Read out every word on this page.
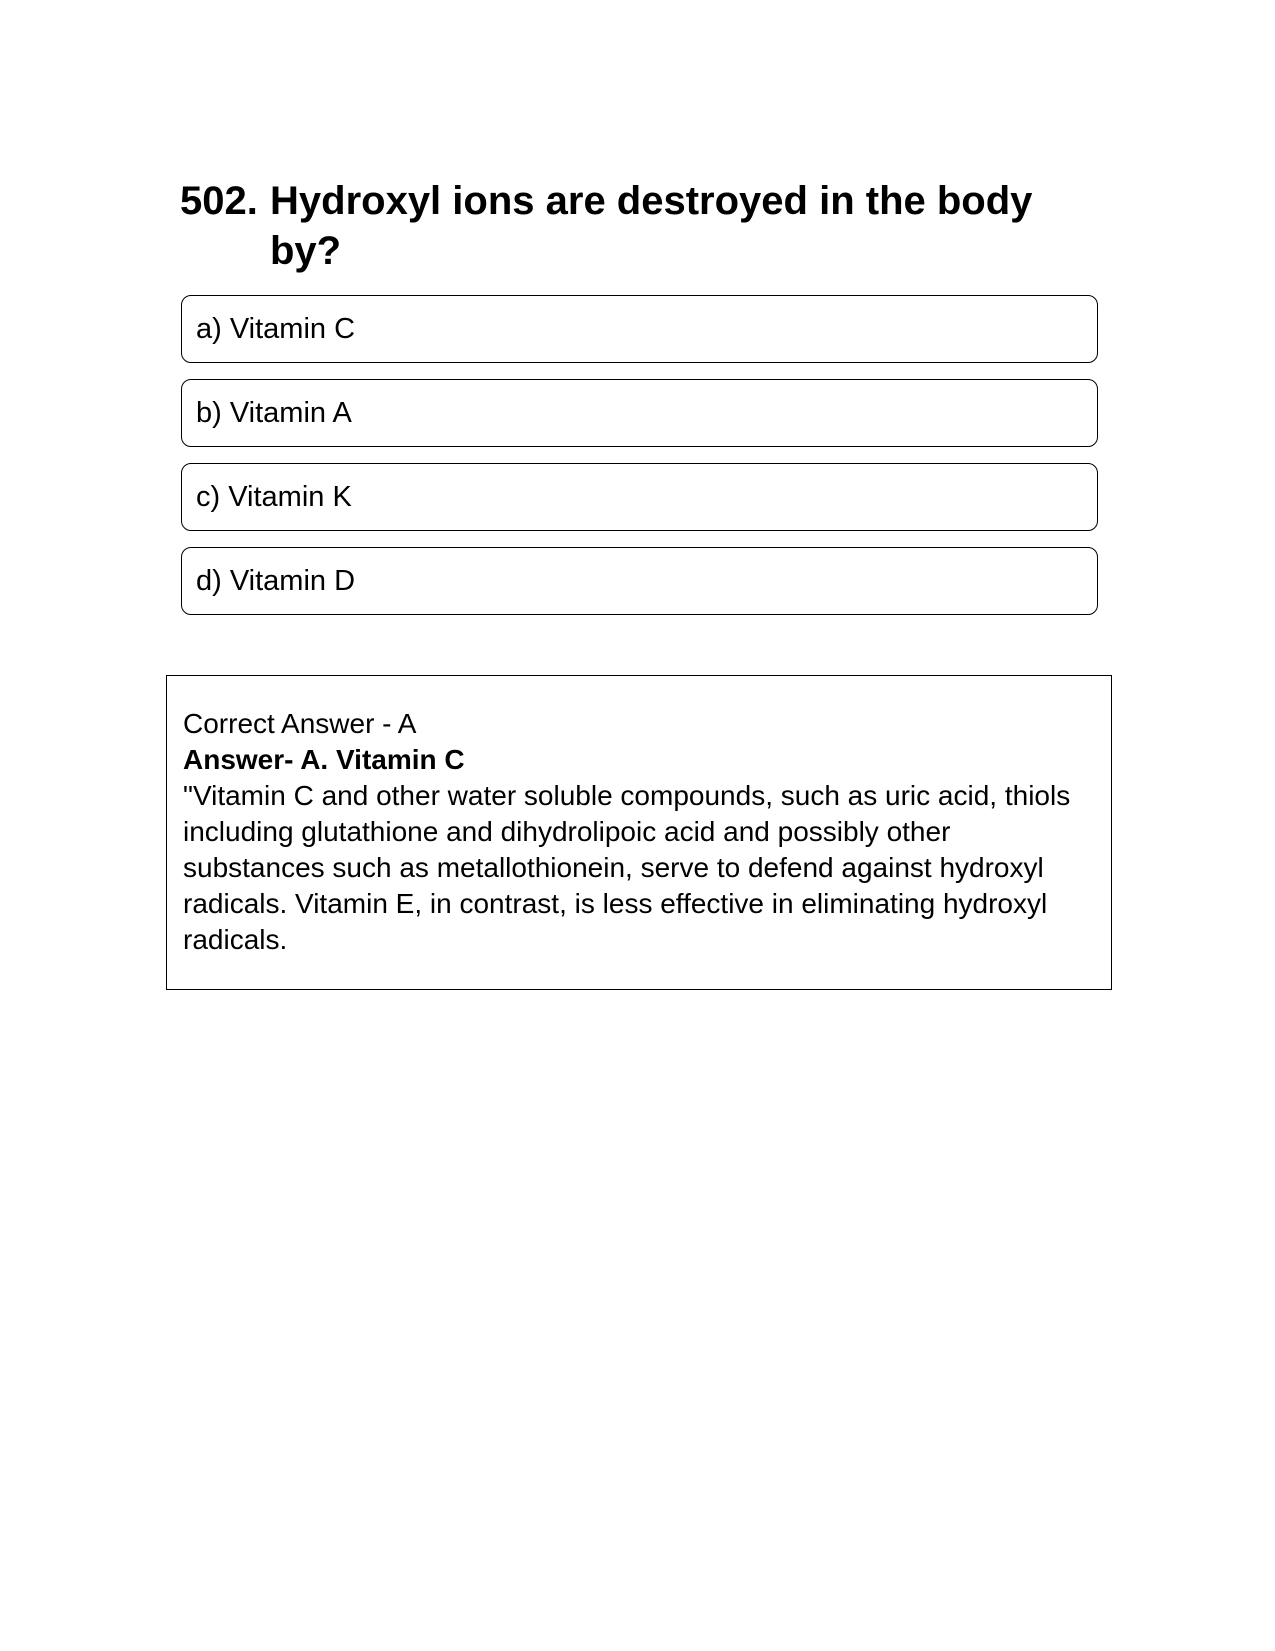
502. Hydroxyl ions are destroyed in the body by?
a) Vitamin C
b) Vitamin A
c) Vitamin K
d) Vitamin D
Correct Answer - A
Answer- A. Vitamin C
"Vitamin C and other water soluble compounds, such as uric acid, thiols including glutathione and dihydrolipoic acid and possibly other substances such as metallothionein, serve to defend against hydroxyl radicals. Vitamin E, in contrast, is less effective in eliminating hydroxyl radicals.
